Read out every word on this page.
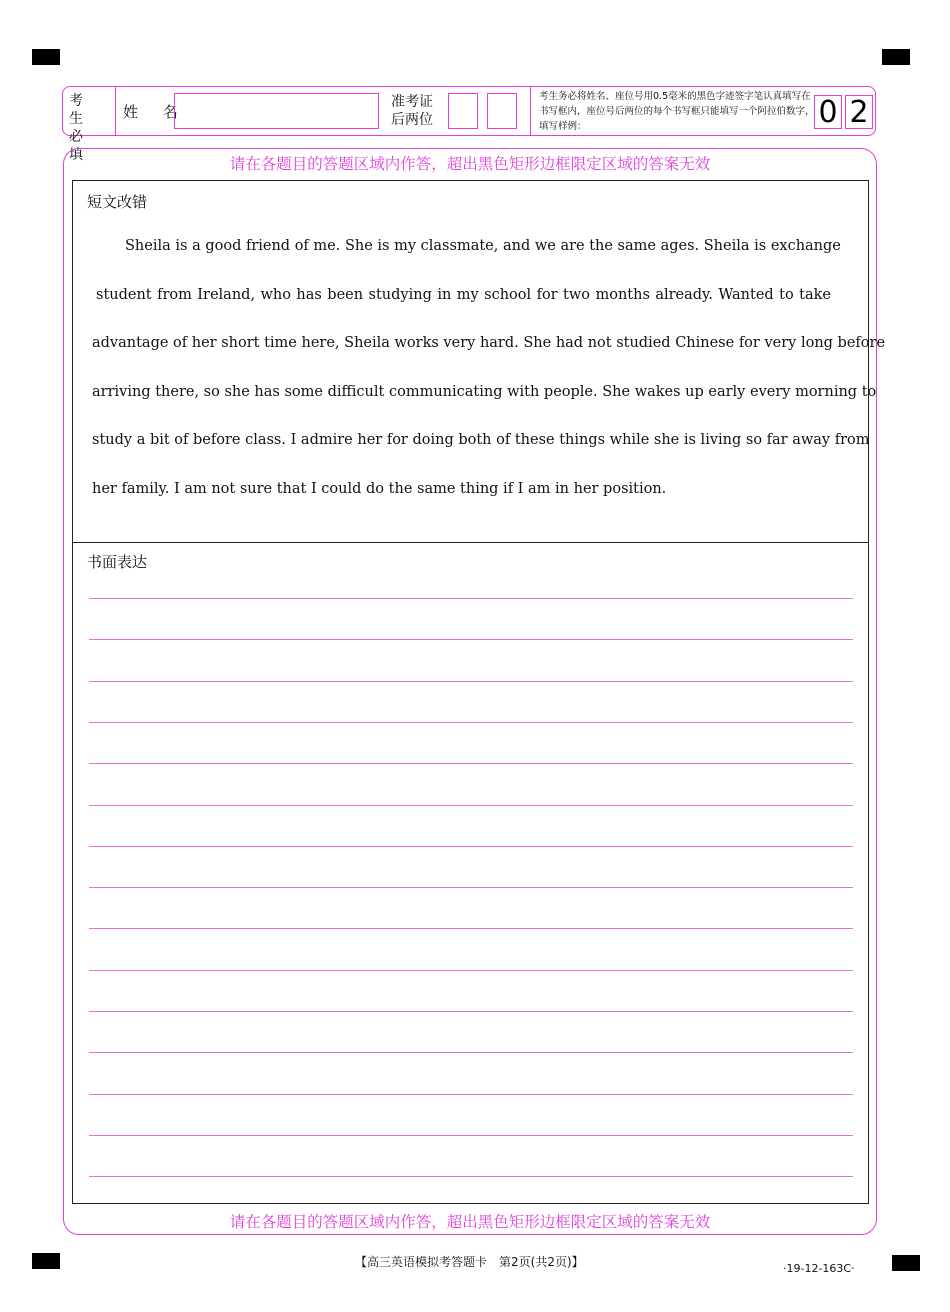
考 生 必 填
姓 名
准考证
后两位
考生务必将姓名、座位号用0.5毫米的黑色字迹签字笔认真填写在书写框内，座位号后两位的每个书写框只能填写一个阿拉伯数字，填写样例：	0 2
请在各题目的答题区域内作答，超出黑色矩形边框限定区域的答案无效
请在各题目的答题区域内作答，超出黑色矩形边框限定区域的答案无效
短文改错
Sheila is a good friend of me. She is my classmate, and we are the same ages. Sheila is exchange
student from Ireland, who has been studying in my school for two months already. Wanted to take
advantage of her short time here, Sheila works very hard. She had not studied Chinese for very long before
arriving there, so she has some difficult communicating with people. She wakes up early every morning to
study a bit of before class. I admire her for doing both of these things while she is living so far away from
her family. I am not sure that I could do the same thing if I am in her position.
书面表达
【高三英语模拟考答题卡　第2页(共2页)】	·19-12-163C·
